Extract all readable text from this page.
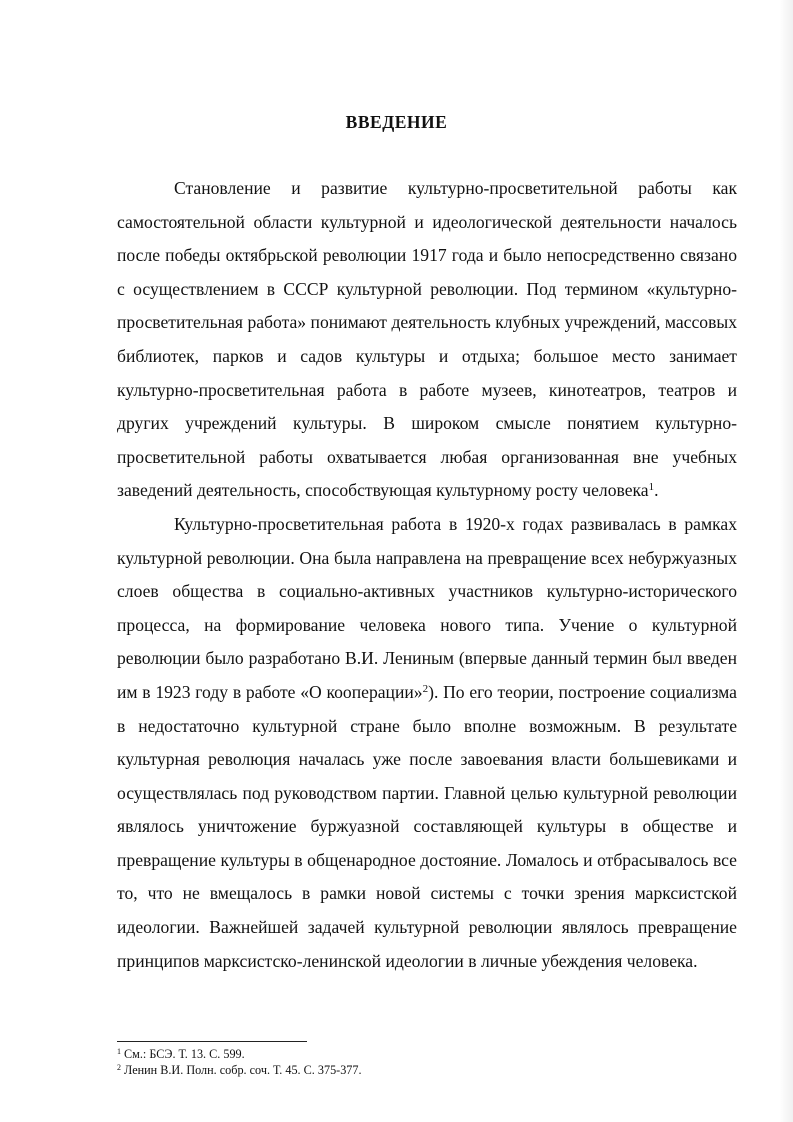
ВВЕДЕНИЕ

Становление и развитие культурно-просветительной работы как самостоятельной области культурной и идеологической деятельности началось после победы октябрьской революции 1917 года и было непосредственно связано с осуществлением в СССР культурной революции. Под термином «культурно-просветительная работа» понимают деятельность клубных учреждений, массовых библиотек, парков и садов культуры и отдыха; большое место занимает культурно-просветительная работа в работе музеев, кинотеатров, театров и других учреждений культуры. В широком смысле понятием культурно-просветительной работы охватывается любая организованная вне учебных заведений деятельность, способствующая культурному росту человека$^1$.

Культурно-просветительная работа в 1920-х годах развивалась в рамках культурной революции. Она была направлена на превращение всех небуржуазных слоев общества в социально-активных участников культурно-исторического процесса, на формирование человека нового типа. Учение о культурной революции было разработано В.И. Лениным (впервые данный термин был введен им в 1923 году в работе «О кооперации»$^2$). По его теории, построение социализма в недостаточно культурной стране было вполне возможным. В результате культурная революция началась уже после завоевания власти большевиками и осуществлялась под руководством партии. Главной целью культурной революции являлось уничтожение буржуазной составляющей культуры в обществе и превращение культуры в общенародное достояние. Ломалось и отбрасывалось все то, что не вмещалось в рамки новой системы с точки зрения марксистской идеологии. Важнейшей задачей культурной революции являлось превращение принципов марксистско-ленинской идеологии в личные убеждения человека.

$^1$ См.: БСЭ. Т. 13. С. 599.

$^2$ Ленин В.И. Полн. собр. соч. Т. 45. С. 375-377.
